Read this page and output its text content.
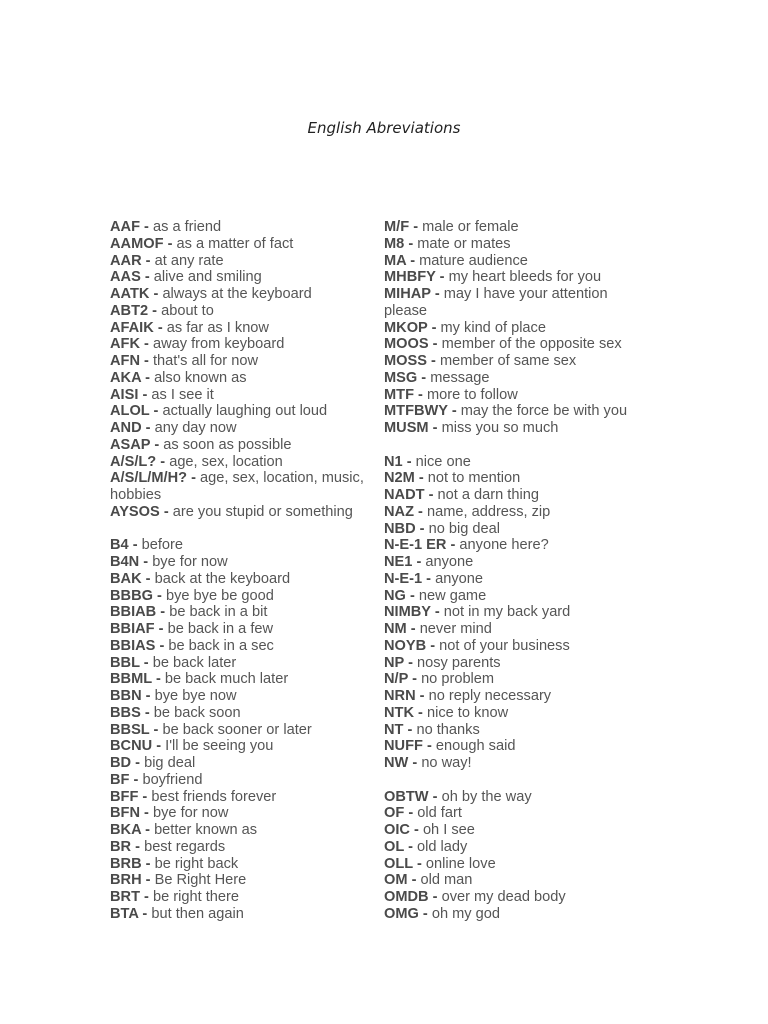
English Abreviations
AAF - as a friend
AAMOF - as a matter of fact
AAR - at any rate
AAS - alive and smiling
AATK - always at the keyboard
ABT2 - about to
AFAIK - as far as I know
AFK - away from keyboard
AFN - that's all for now
AKA - also known as
AISI - as I see it
ALOL - actually laughing out loud
AND - any day now
ASAP - as soon as possible
A/S/L? - age, sex, location
A/S/L/M/H? - age, sex, location, music,
hobbies
AYSOS - are you stupid or something
B4 - before
B4N - bye for now
BAK - back at the keyboard
BBBG - bye bye be good
BBIAB - be back in a bit
BBIAF - be back in a few
BBIAS - be back in a sec
BBL - be back later
BBML - be back much later
BBN - bye bye now
BBS - be back soon
BBSL - be back sooner or later
BCNU - I'll be seeing you
BD - big deal
BF - boyfriend
BFF - best friends forever
BFN - bye for now
BKA - better known as
BR - best regards
BRB - be right back
BRH - Be Right Here
BRT - be right there
BTA - but then again
M/F - male or female
M8 - mate or mates
MA - mature audience
MHBFY - my heart bleeds for you
MIHAP - may I have your attention
please
MKOP - my kind of place
MOOS - member of the opposite sex
MOSS - member of same sex
MSG - message
MTF - more to follow
MTFBWY - may the force be with you
MUSM - miss you so much
N1 - nice one
N2M - not to mention
NADT - not a darn thing
NAZ - name, address, zip
NBD - no big deal
N-E-1 ER - anyone here?
NE1 - anyone
N-E-1 - anyone
NG - new game
NIMBY - not in my back yard
NM - never mind
NOYB - not of your business
NP - nosy parents
N/P - no problem
NRN - no reply necessary
NTK - nice to know
NT - no thanks
NUFF - enough said
NW - no way!
OBTW - oh by the way
OF - old fart
OIC - oh I see
OL - old lady
OLL - online love
OM - old man
OMDB - over my dead body
OMG - oh my god
